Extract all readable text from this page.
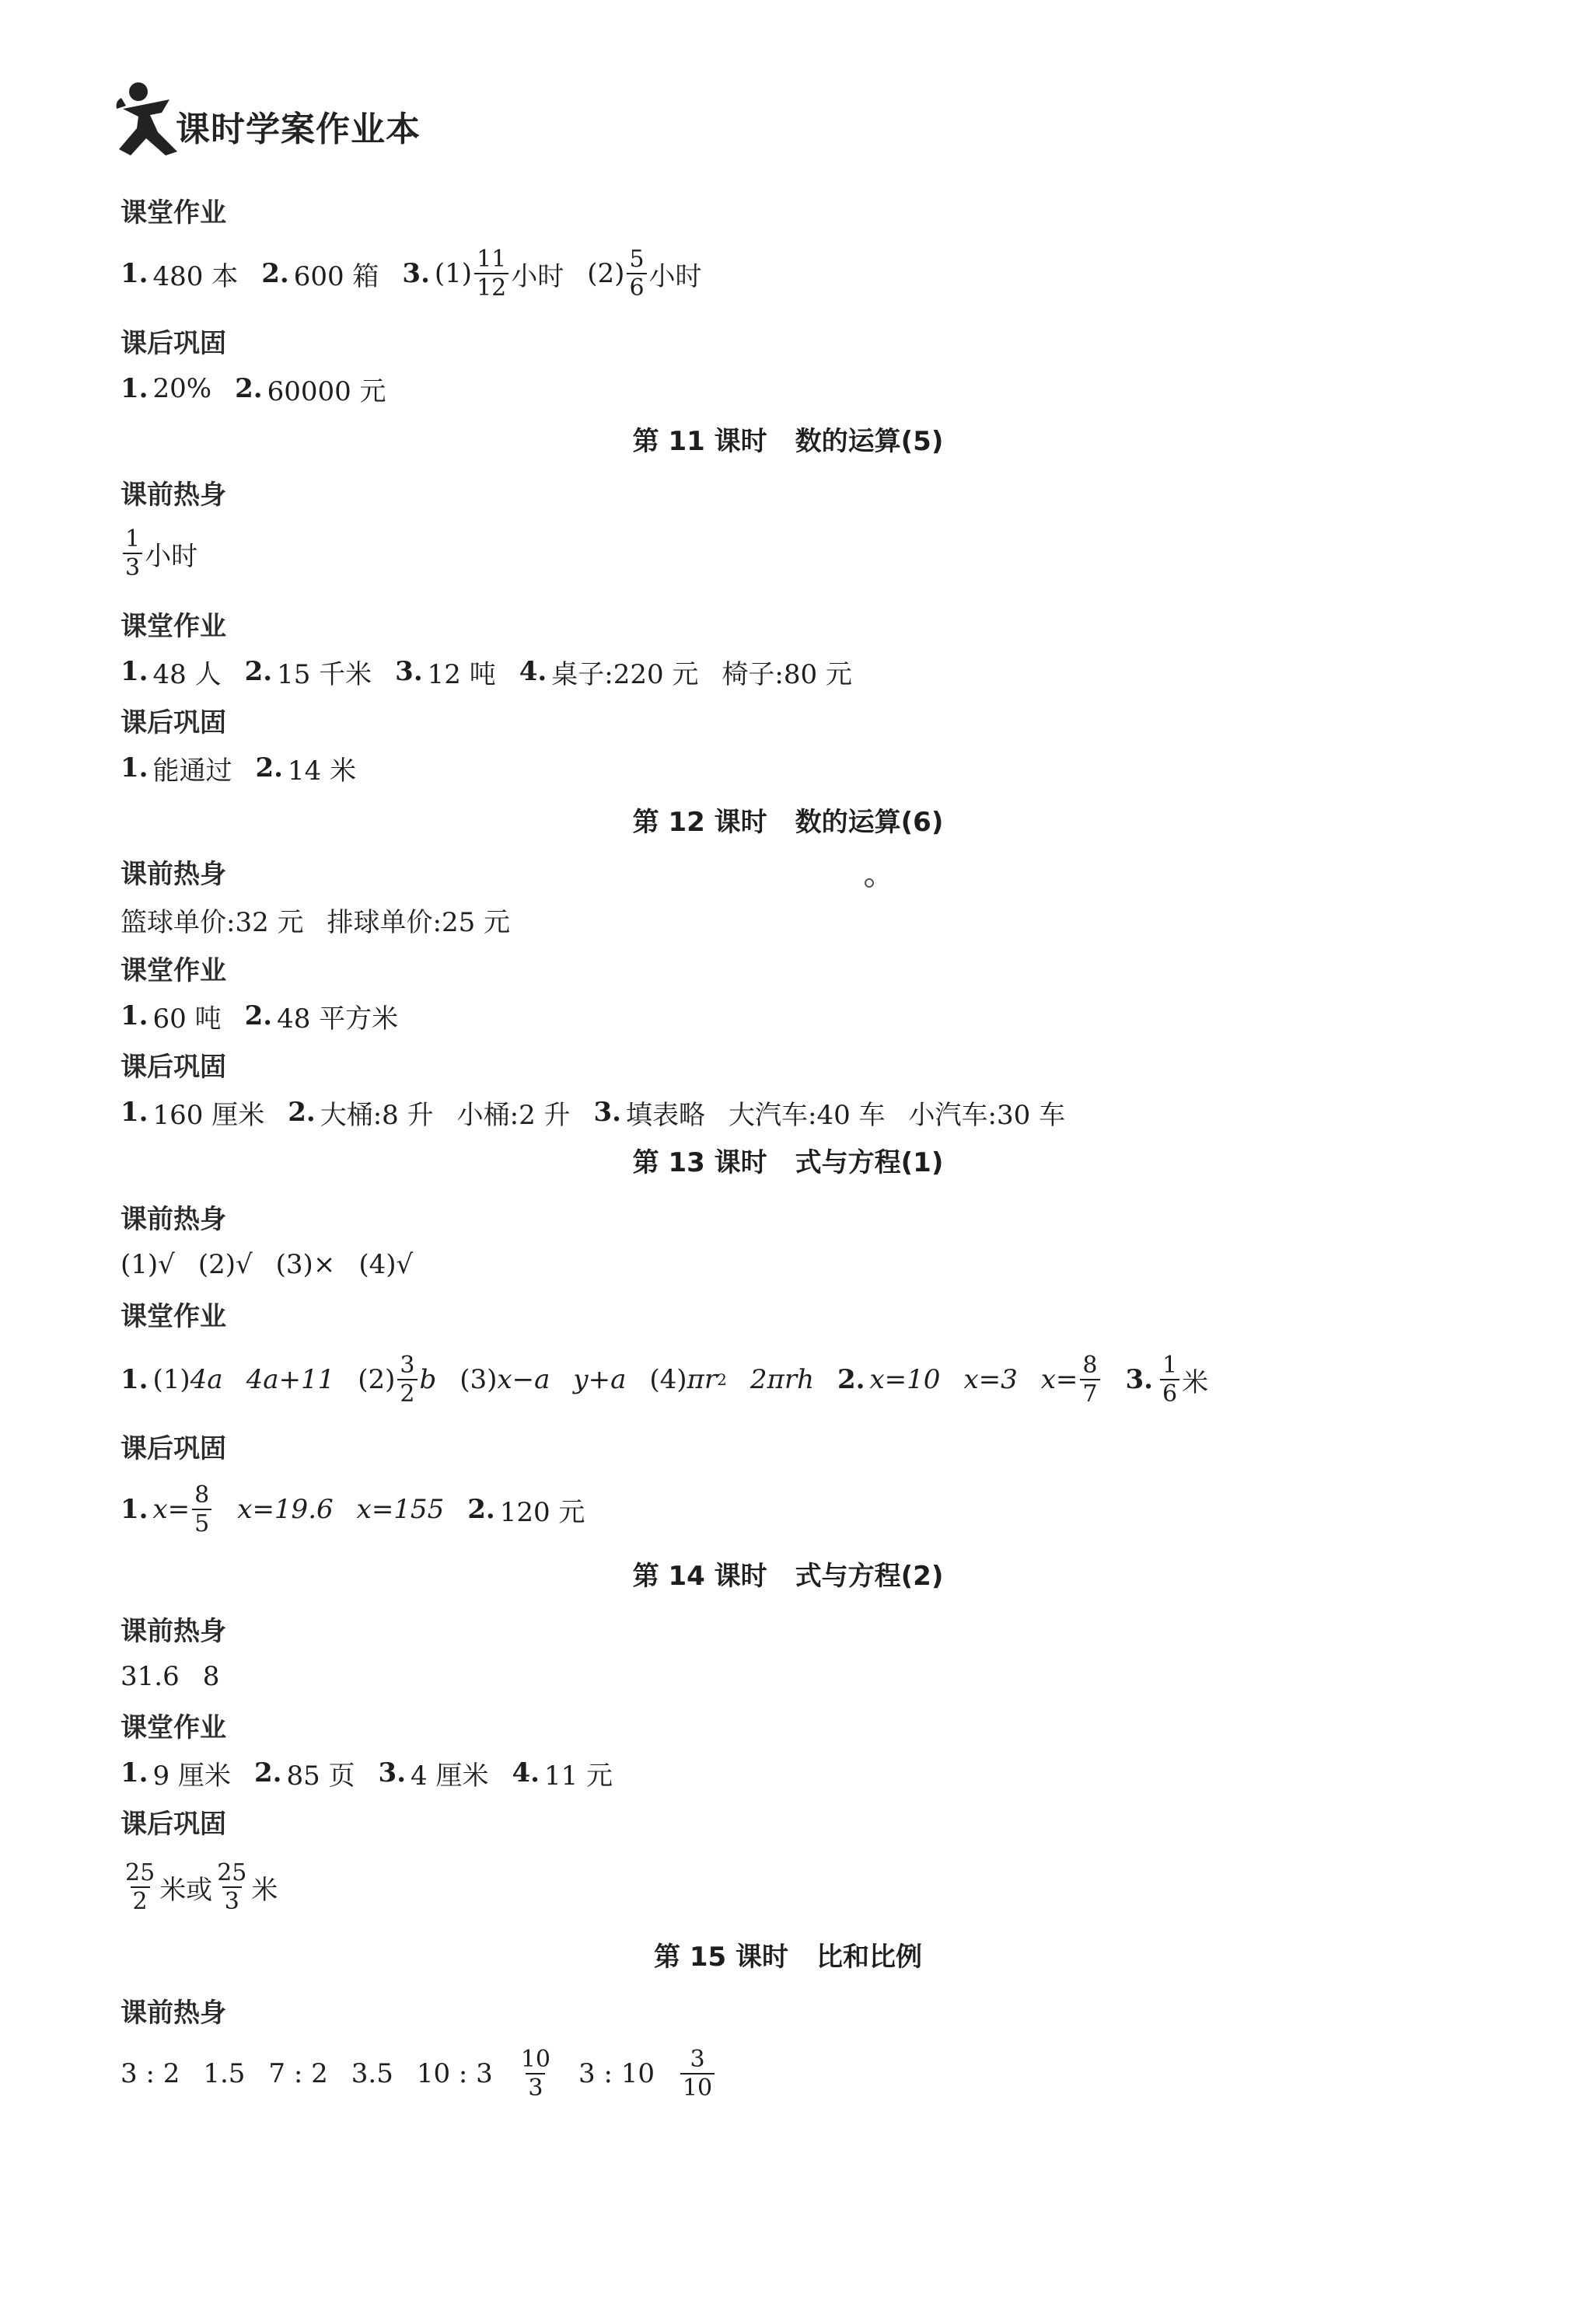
课时学案作业本
课堂作业
1. 480 本 2. 600 箱 3. $(1) \frac{11}{12}$ 小时 $(2) \frac{5}{6}$ 小时
课后巩固
1. 20% 2. 60000 元
第 11 课时 数的运算(5)
课前热身
$\frac{1}{3}$ 小时
课堂作业
1. 48 人 2. 15 千米 3. 12 吨 4. 桌子:220 元 椅子:80 元
课后巩固
1. 能通过 2. 14 米
第 12 课时 数的运算(6)
课前热身
篮球单价:32 元 排球单价:25 元
课堂作业
1. 60 吨 2. 48 平方米
课后巩固
1. 160 厘米 2. 大桶:8 升 小桶:2 升 3. 填表略 大汽车:40 车 小汽车:30 车
第 13 课时 式与方程(1)
课前热身
(1)√ (2)√ (3)× (4)√
课堂作业
1. (1) 4a 4a+11 $(2) \frac{3}{2}$ b (3) x−a y+a (4) πr 2 2πrh 2. x=10 x=3 $x= \frac{8}{7} 3$. $\frac{1}{6}$ 米
课后巩固
1. $x= \frac{8}{5} x=19.6$ x=155 2. 120 元
第 14 课时 式与方程(2)
课前热身
31.6 8
课堂作业
1. 9 厘米 2. 85 页 3. 4 厘米 4. 11 元
课后巩固
$\frac{25}{2}$ 米或 $\frac{25}{3}$ 米
第 15 课时 比和比例
课前热身
3 : 2 1.5 7 : 2 3.5 10 : $3 \frac{10}{3} 3$ : $10 \frac{3}{10}$
